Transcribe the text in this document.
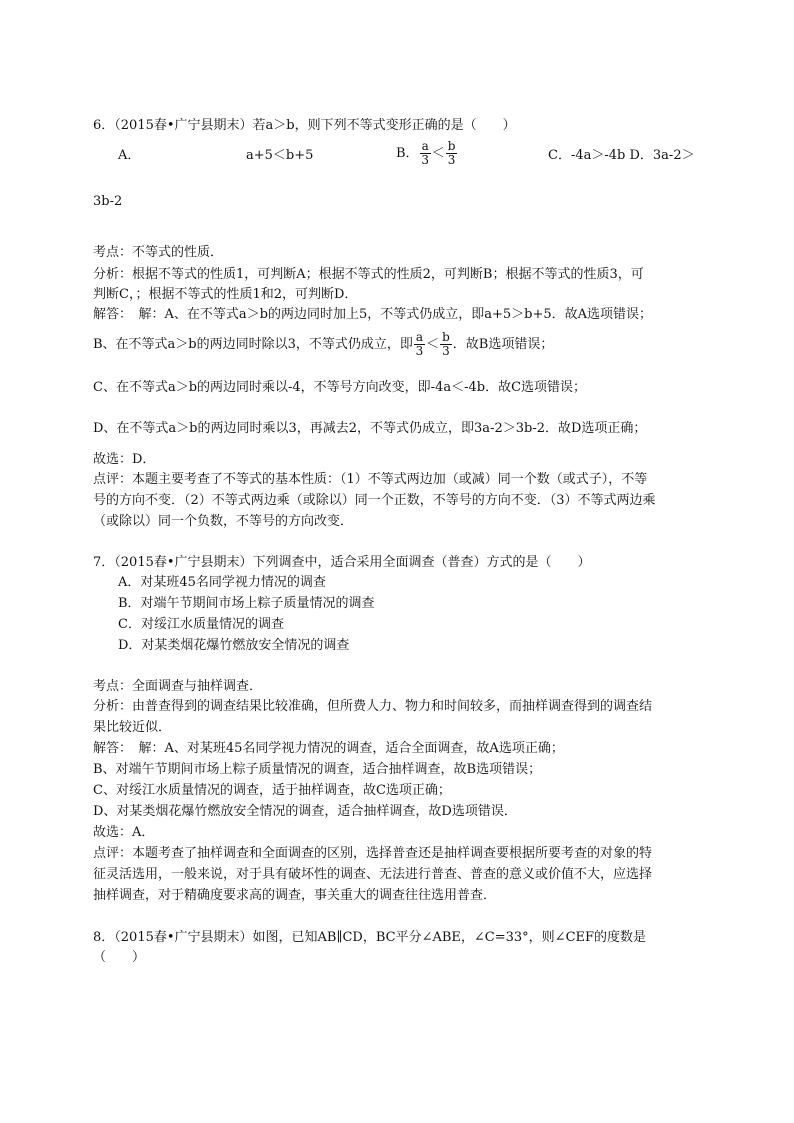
6．（2015春•广宁县期末）若a＞b，则下列不等式变形正确的是（　　）
A．	a+5＜b+5	B． $\frac{a}{3} < \frac{b}{3}$	C．-4a＞-4b D．3a-2＞
3b-2
考点：不等式的性质．
分析：根据不等式的性质1，可判断A；根据不等式的性质2，可判断B；根据不等式的性质3，可
判断C，；根据不等式的性质1和2，可判断D．
解答：　解：A、在不等式a＞b的两边同时加上5，不等式仍成立，即a+5＞b+5．故A选项错误；
B、在不等式a＞b的两边同时除以3，不等式仍成立，即 $\frac{a}{3} < \frac{b}{3}$ ．故B选项错误；
C、在不等式a＞b的两边同时乘以-4，不等号方向改变，即-4a＜-4b．故C选项错误；
D、在不等式a＞b的两边同时乘以3，再减去2，不等式仍成立，即3a-2＞3b-2．故D选项正确；
故选：D．
点评：本题主要考查了不等式的基本性质：（1）不等式两边加（或减）同一个数（或式子），不等
号的方向不变．（2）不等式两边乘（或除以）同一个正数，不等号的方向不变．（3）不等式两边乘
（或除以）同一个负数，不等号的方向改变．
7．（2015春•广宁县期末）下列调查中，适合采用全面调查（普查）方式的是（　　）
A．对某班45名同学视力情况的调查
B．对端午节期间市场上粽子质量情况的调查
C．对绥江水质量情况的调查
D．对某类烟花爆竹燃放安全情况的调查
考点：全面调查与抽样调查．
分析：由普查得到的调查结果比较准确，但所费人力、物力和时间较多，而抽样调查得到的调查结
果比较近似．
解答：　解：A、对某班45名同学视力情况的调查，适合全面调查，故A选项正确；
B、对端午节期间市场上粽子质量情况的调查，适合抽样调查，故B选项错误；
C、对绥江水质量情况的调查，适于抽样调查，故C选项正确；
D、对某类烟花爆竹燃放安全情况的调查，适合抽样调查，故D选项错误．
故选：A．
点评：本题考查了抽样调查和全面调查的区别，选择普查还是抽样调查要根据所要考查的对象的特
征灵活选用，一般来说，对于具有破坏性的调查、无法进行普查、普查的意义或价值不大，应选择
抽样调查，对于精确度要求高的调查，事关重大的调查往往选用普查．
8．（2015春•广宁县期末）如图，已知AB∥CD，BC平分∠ABE，∠C=33°，则∠CEF的度数是
（　　）
